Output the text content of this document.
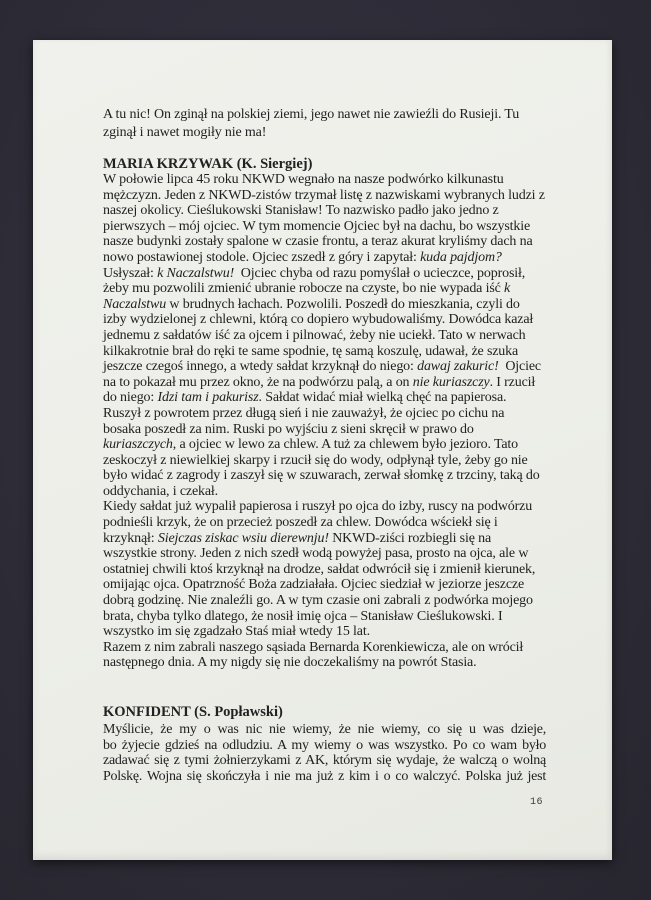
A tu nic! On zginął na polskiej ziemi, jego nawet nie zawieźli do Rusieji. Tu
zginął i nawet mogiły nie ma!
MARIA KRZYWAK (K. Siergiej)
W połowie lipca 45 roku NKWD wegnało na nasze podwórko kilkunastu
mężczyzn. Jeden z NKWD-zistów trzymał listę z nazwiskami wybranych ludzi z
naszej okolicy. Cieślukowski Stanisław! To nazwisko padło jako jedno z
pierwszych – mój ojciec. W tym momencie Ojciec był na dachu, bo wszystkie
nasze budynki zostały spalone w czasie frontu, a teraz akurat kryliśmy dach na
nowo postawionej stodole. Ojciec zszedł z góry i zapytał: kuda pajdjom?
Usłyszał: k Naczalstwu!  Ojciec chyba od razu pomyślał o ucieczce, poprosił,
żeby mu pozwolili zmienić ubranie robocze na czyste, bo nie wypada iść k
Naczalstwu w brudnych łachach. Pozwolili. Poszedł do mieszkania, czyli do
izby wydzielonej z chlewni, którą co dopiero wybudowaliśmy. Dowódca kazał
jednemu z sałdatów iść za ojcem i pilnować, żeby nie uciekł. Tato w nerwach
kilkakrotnie brał do ręki te same spodnie, tę samą koszulę, udawał, że szuka
jeszcze czegoś innego, a wtedy sałdat krzyknął do niego: dawaj zakuric!  Ojciec
na to pokazał mu przez okno, że na podwórzu palą, a on nie kuriaszczy. I rzucił
do niego: Idzi tam i pakurisz. Sałdat widać miał wielką chęć na papierosa.
Ruszył z powrotem przez długą sień i nie zauważył, że ojciec po cichu na
bosaka poszedł za nim. Ruski po wyjściu z sieni skręcił w prawo do
kuriaszczych, a ojciec w lewo za chlew. A tuż za chlewem było jezioro. Tato
zeskoczył z niewielkiej skarpy i rzucił się do wody, odpłynął tyle, żeby go nie
było widać z zagrody i zaszył się w szuwarach, zerwał słomkę z trzciny, taką do
oddychania, i czekał.
Kiedy sałdat już wypalił papierosa i ruszył po ojca do izby, ruscy na podwórzu
podnieśli krzyk, że on przecież poszedł za chlew. Dowódca wściekł się i
krzyknął: Siejczas ziskac wsiu dierewnju! NKWD-ziści rozbiegli się na
wszystkie strony. Jeden z nich szedł wodą powyżej pasa, prosto na ojca, ale w
ostatniej chwili ktoś krzyknął na drodze, sałdat odwrócił się i zmienił kierunek,
omijając ojca. Opatrzność Boża zadziałała. Ojciec siedział w jeziorze jeszcze
dobrą godzinę. Nie znaleźli go. A w tym czasie oni zabrali z podwórka mojego
brata, chyba tylko dlatego, że nosił imię ojca – Stanisław Cieślukowski. I
wszystko im się zgadzało Staś miał wtedy 15 lat.
Razem z nim zabrali naszego sąsiada Bernarda Korenkiewicza, ale on wrócił
następnego dnia. A my nigdy się nie doczekaliśmy na powrót Stasia.
KONFIDENT (S. Popławski)
Myślicie, że my o was nic nie wiemy, że nie wiemy, co się u was dzieje,
bo żyjecie gdzieś na odludziu. A my wiemy o was wszystko. Po co wam było
zadawać się z tymi żołnierzykami z AK, którym się wydaje, że walczą o wolną
Polskę. Wojna się skończyła i nie ma już z kim i o co walczyć. Polska już jest
16
